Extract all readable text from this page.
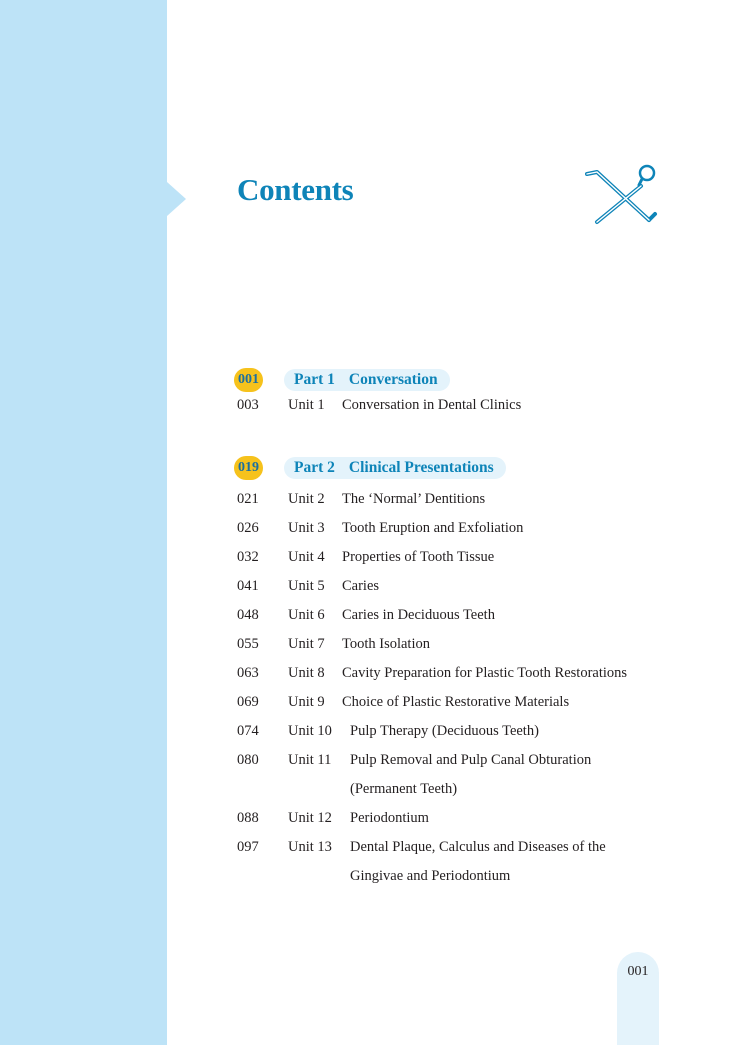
Contents
001	Part 1 Conversation
003 Unit 1 Conversation in Dental Clinics
019	Part 2 Clinical Presentations
021 Unit 2 The ‘Normal’ Dentitions
026 Unit 3 Tooth Eruption and Exfoliation
032 Unit 4 Properties of Tooth Tissue
041 Unit 5 Caries
048 Unit 6 Caries in Deciduous Teeth
055 Unit 7 Tooth Isolation
063 Unit 8 Cavity Preparation for Plastic Tooth Restorations
069 Unit 9 Choice of Plastic Restorative Materials
074 Unit 10 Pulp Therapy (Deciduous Teeth)
080 Unit 11 Pulp Removal and Pulp Canal Obturation
(Permanent Teeth)
088 Unit 12 Periodontium
097 Unit 13 Dental Plaque, Calculus and Diseases of the
Gingivae and Periodontium
001
